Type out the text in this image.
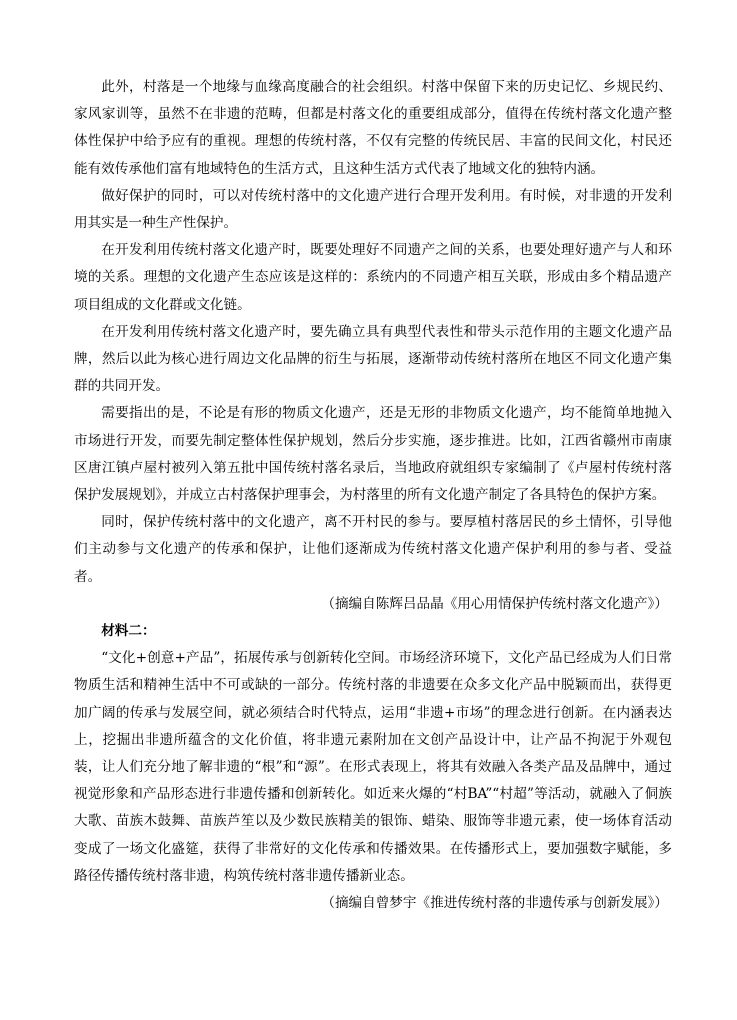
此外，村落是一个地缘与血缘高度融合的社会组织。村落中保留下来的历史记忆、乡规民约、家风家训等，虽然不在非遗的范畴，但都是村落文化的重要组成部分，值得在传统村落文化遗产整体性保护中给予应有的重视。理想的传统村落，不仅有完整的传统民居、丰富的民间文化，村民还能有效传承他们富有地域特色的生活方式，且这种生活方式代表了地域文化的独特内涵。

做好保护的同时，可以对传统村落中的文化遗产进行合理开发利用。有时候，对非遗的开发利用其实是一种生产性保护。

在开发利用传统村落文化遗产时，既要处理好不同遗产之间的关系，也要处理好遗产与人和环境的关系。理想的文化遗产生态应该是这样的：系统内的不同遗产相互关联，形成由多个精品遗产项目组成的文化群或文化链。

在开发利用传统村落文化遗产时，要先确立具有典型代表性和带头示范作用的主题文化遗产品牌，然后以此为核心进行周边文化品牌的衍生与拓展，逐渐带动传统村落所在地区不同文化遗产集群的共同开发。

需要指出的是，不论是有形的物质文化遗产，还是无形的非物质文化遗产，均不能简单地抛入市场进行开发，而要先制定整体性保护规划，然后分步实施，逐步推进。比如，江西省赣州市南康区唐江镇卢屋村被列入第五批中国传统村落名录后，当地政府就组织专家编制了《卢屋村传统村落保护发展规划》，并成立古村落保护理事会，为村落里的所有文化遗产制定了各具特色的保护方案。

同时，保护传统村落中的文化遗产，离不开村民的参与。要厚植村落居民的乡土情怀，引导他们主动参与文化遗产的传承和保护，让他们逐渐成为传统村落文化遗产保护利用的参与者、受益者。

（摘编自陈辉吕品晶《用心用情保护传统村落文化遗产》）

材料二：

“文化+创意+产品”，拓展传承与创新转化空间。市场经济环境下，文化产品已经成为人们日常物质生活和精神生活中不可或缺的一部分。传统村落的非遗要在众多文化产品中脱颖而出，获得更加广阔的传承与发展空间，就必须结合时代特点，运用“非遗+市场”的理念进行创新。在内涵表达上，挖掘出非遗所蕴含的文化价值，将非遗元素附加在文创产品设计中，让产品不拘泥于外观包装，让人们充分地了解非遗的“根”和“源”。在形式表现上，将其有效融入各类产品及品牌中，通过视觉形象和产品形态进行非遗传播和创新转化。如近来火爆的“村BA”“村超”等活动，就融入了侗族大歌、苗族木鼓舞、苗族芦笙以及少数民族精美的银饰、蜡染、服饰等非遗元素，使一场体育活动变成了一场文化盛筵，获得了非常好的文化传承和传播效果。在传播形式上，要加强数字赋能，多路径传播传统村落非遗，构筑传统村落非遗传播新业态。

（摘编自曾梦宇《推进传统村落的非遗传承与创新发展》）
